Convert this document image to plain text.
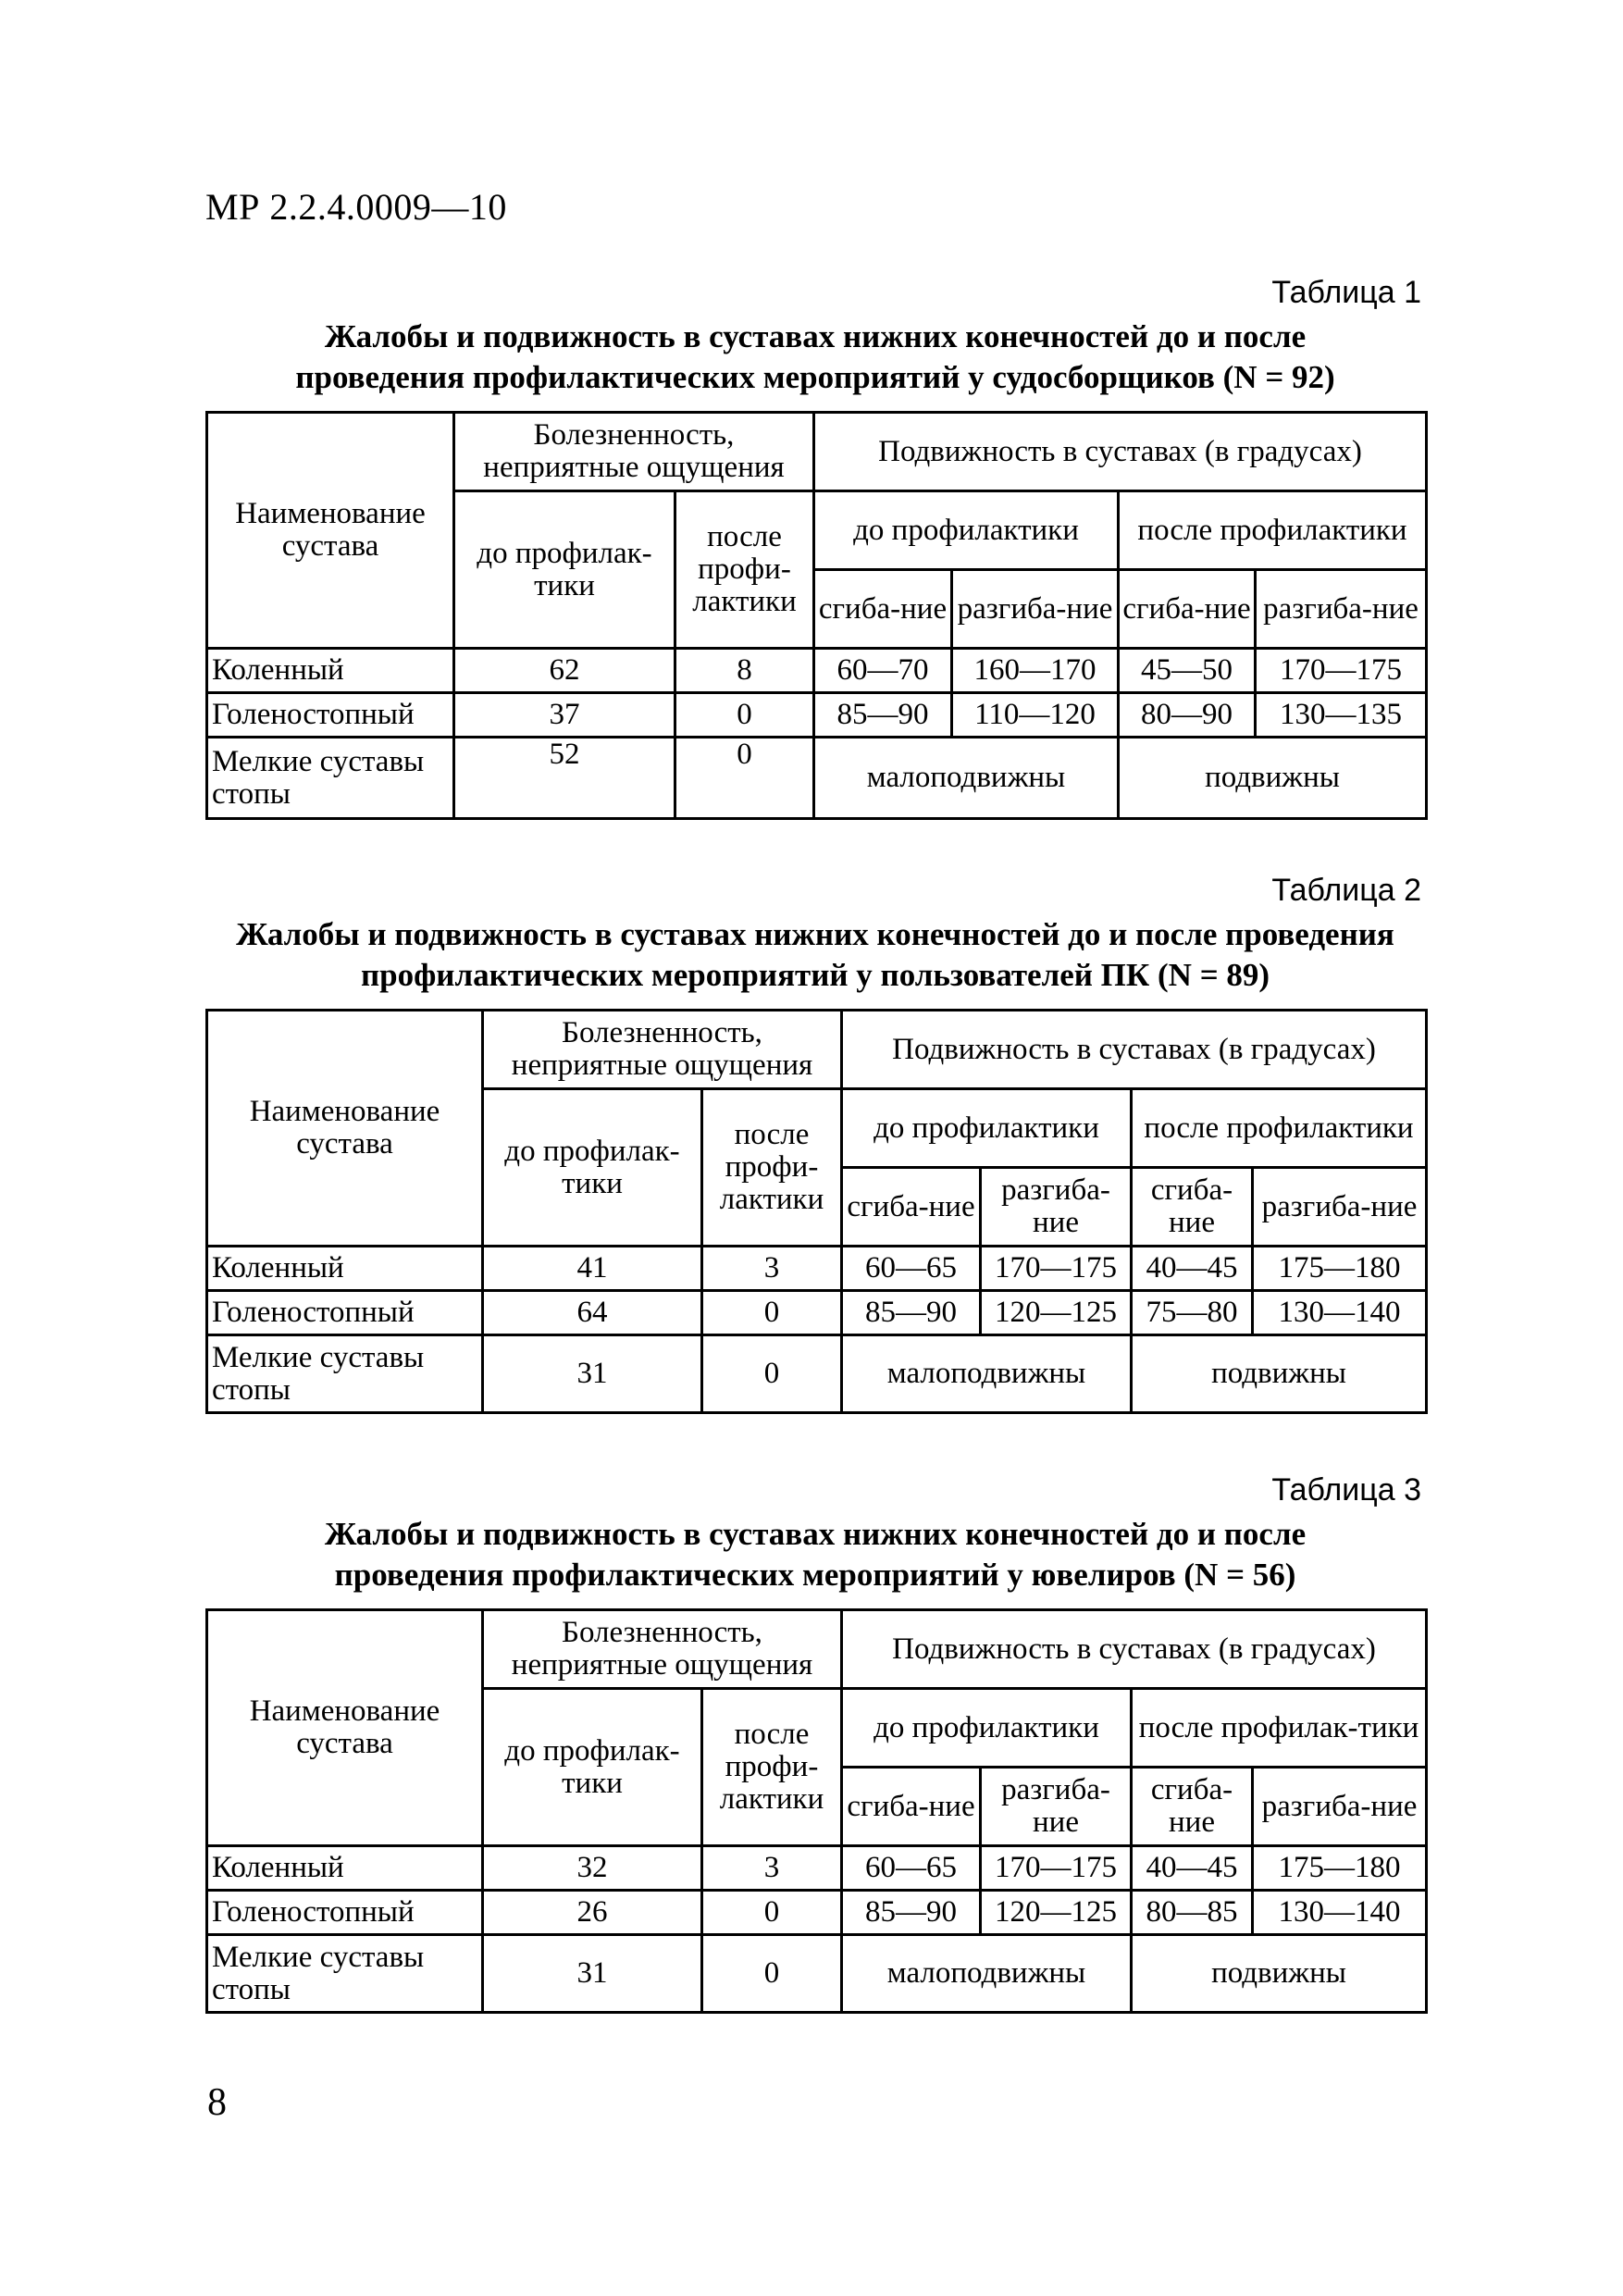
МР 2.2.4.0009—10
Таблица 1
Жалобы и подвижность в суставах нижних конечностей до и после проведения профилактических мероприятий у судосборщиков (N = 92)
Наименование сустава	Болезненность, неприятные ощущения		Подвижность в суставах (в градусах)			
	до профилак-тики	после профи-лактики	до профилактики		после профилактики	
			сгиба-ние	разгиба-ние	сгиба-ние	разгиба-ние
Коленный	62	8	60—70	160—170	45—50	170—175
Голеностопный	37	0	85—90	110—120	80—90	130—135
Мелкие суставы стопы	52	0	малоподвижны		подвижны	
Таблица 2
Жалобы и подвижность в суставах нижних конечностей до и после проведения профилактических мероприятий у пользователей ПК (N = 89)
Наименование сустава	Болезненность, неприятные ощущения		Подвижность в суставах (в градусах)			
	до профилак-тики	после профи-лактики	до профилактики		после профилактики	
			сгиба-ние	разгиба-ние	сгиба-ние	разгиба-ние
Коленный	41	3	60—65	170—175	40—45	175—180
Голеностопный	64	0	85—90	120—125	75—80	130—140
Мелкие суставы стопы	31	0	малоподвижны		подвижны	
Таблица 3
Жалобы и подвижность в суставах нижних конечностей до и после проведения профилактических мероприятий у ювелиров (N = 56)
Наименование сустава	Болезненность, неприятные ощущения		Подвижность в суставах (в градусах)			
	до профилак-тики	после профи-лактики	до профилактики		после профилак-тики	
			сгиба-ние	разгиба-ние	сгиба-ние	разгиба-ние
Коленный	32	3	60—65	170—175	40—45	175—180
Голеностопный	26	0	85—90	120—125	80—85	130—140
Мелкие суставы стопы	31	0	малоподвижны		подвижны	
8
